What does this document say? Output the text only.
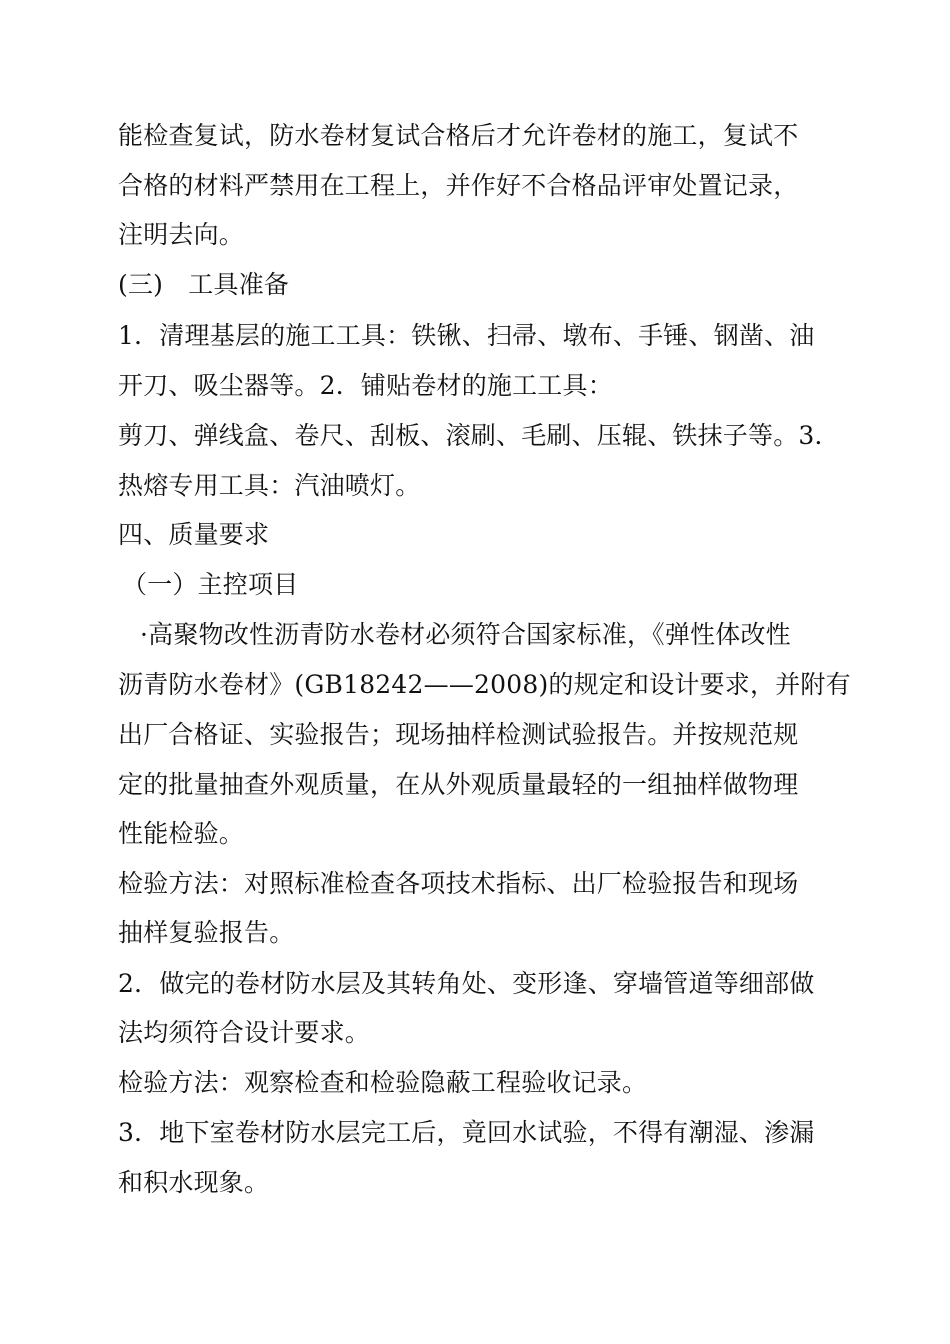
能检查复试，防水卷材复试合格后才允许卷材的施工，复试不
合格的材料严禁用在工程上，并作好不合格品评审处置记录，
注明去向。
(三)　工具准备
1．清理基层的施工工具：铁锹、扫帚、墩布、手锤、钢凿、油
开刀、吸尘器等。2．铺贴卷材的施工工具：
剪刀、弹线盒、卷尺、刮板、滚刷、毛刷、压辊、铁抹子等。3．
热熔专用工具：汽油喷灯。
四、质量要求
（一）主控项目
·高聚物改性沥青防水卷材必须符合国家标准，《弹性体改性
沥青防水卷材》(GB18242——2008)的规定和设计要求，并附有
出厂合格证、实验报告；现场抽样检测试验报告。并按规范规
定的批量抽查外观质量，在从外观质量最轻的一组抽样做物理
性能检验。
检验方法：对照标准检查各项技术指标、出厂检验报告和现场
抽样复验报告。
2．做完的卷材防水层及其转角处、变形逢、穿墙管道等细部做
法均须符合设计要求。
检验方法：观察检查和检验隐蔽工程验收记录。
3．地下室卷材防水层完工后，竟回水试验，不得有潮湿、渗漏
和积水现象。
